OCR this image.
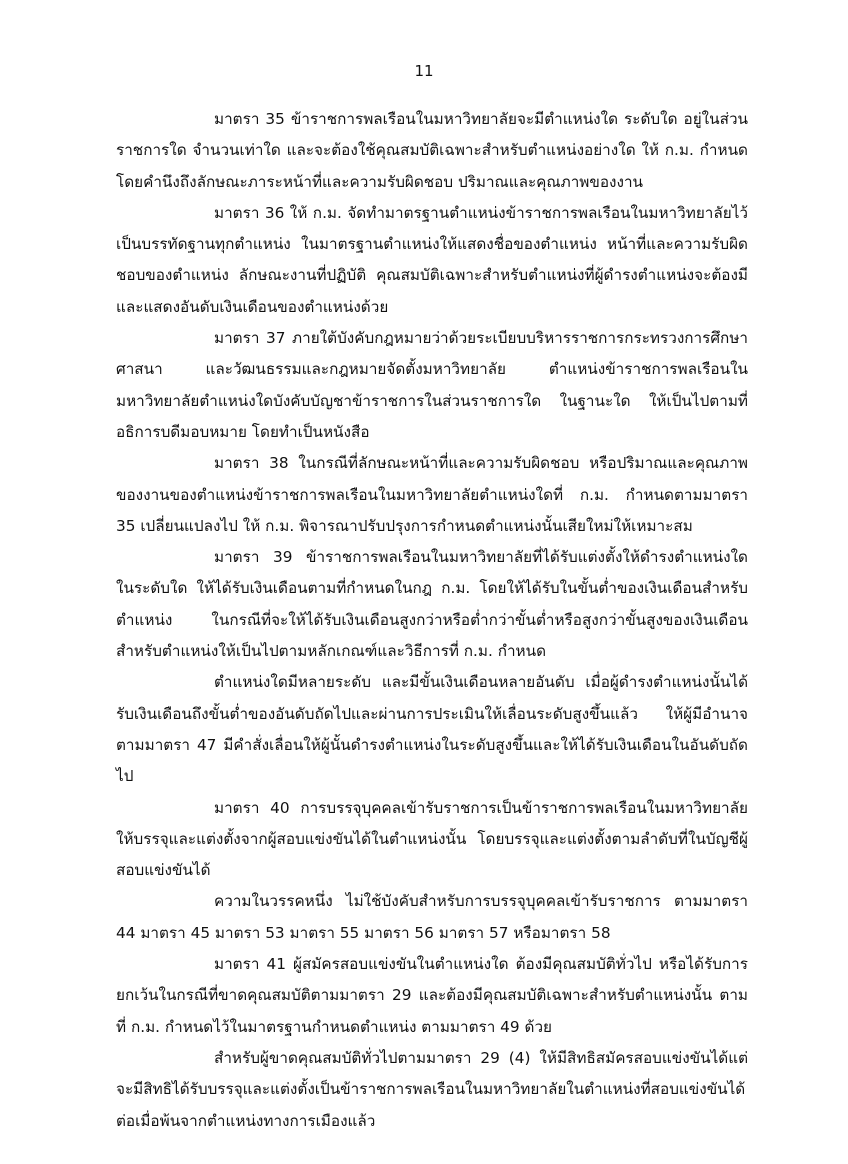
11

มาตรา 35 ข้าราชการพลเรือนในมหาวิทยาลัยจะมีตำแหน่งใด ระดับใด อยู่ในส่วนราชการใด จำนวนเท่าใด และจะต้องใช้คุณสมบัติเฉพาะสำหรับตำแหน่งอย่างใด ให้ ก.ม. กำหนด โดยคำนึงถึงลักษณะภาระหน้าที่และความรับผิดชอบ ปริมาณและคุณภาพของงาน

มาตรา 36 ให้ ก.ม. จัดทำมาตรฐานตำแหน่งข้าราชการพลเรือนในมหาวิทยาลัยไว้เป็นบรรทัดฐานทุกตำแหน่ง ในมาตรฐานตำแหน่งให้แสดงชื่อของตำแหน่ง หน้าที่และความรับผิดชอบของตำแหน่ง ลักษณะงานที่ปฏิบัติ คุณสมบัติเฉพาะสำหรับตำแหน่งที่ผู้ดำรงตำแหน่งจะต้องมี และแสดงอันดับเงินเดือนของตำแหน่งด้วย

มาตรา 37 ภายใต้บังคับกฎหมายว่าด้วยระเบียบบริหารราชการกระทรวงการศึกษา ศาสนา และวัฒนธรรมและกฎหมายจัดตั้งมหาวิทยาลัย ตำแหน่งข้าราชการพลเรือนในมหาวิทยาลัยตำแหน่งใดบังคับบัญชาข้าราชการในส่วนราชการใด ในฐานะใด ให้เป็นไปตามที่อธิการบดีมอบหมาย โดยทำเป็นหนังสือ

มาตรา 38 ในกรณีที่ลักษณะหน้าที่และความรับผิดชอบ หรือปริมาณและคุณภาพของงานของตำแหน่งข้าราชการพลเรือนในมหาวิทยาลัยตำแหน่งใดที่ ก.ม. กำหนดตามมาตรา 35 เปลี่ยนแปลงไป ให้ ก.ม. พิจารณาปรับปรุงการกำหนดตำแหน่งนั้นเสียใหม่ให้เหมาะสม

มาตรา 39 ข้าราชการพลเรือนในมหาวิทยาลัยที่ได้รับแต่งตั้งให้ดำรงตำแหน่งใด ในระดับใด ให้ได้รับเงินเดือนตามที่กำหนดในกฎ ก.ม. โดยให้ได้รับในขั้นต่ำของเงินเดือนสำหรับตำแหน่ง ในกรณีที่จะให้ได้รับเงินเดือนสูงกว่าหรือต่ำกว่าขั้นต่ำหรือสูงกว่าขั้นสูงของเงินเดือนสำหรับตำแหน่งให้เป็นไปตามหลักเกณฑ์และวิธีการที่ ก.ม. กำหนด

ตำแหน่งใดมีหลายระดับ และมีขั้นเงินเดือนหลายอันดับ เมื่อผู้ดำรงตำแหน่งนั้นได้รับเงินเดือนถึงขั้นต่ำของอันดับถัดไปและผ่านการประเมินให้เลื่อนระดับสูงขึ้นแล้ว ให้ผู้มีอำนาจตามมาตรา 47 มีคำสั่งเลื่อนให้ผู้นั้นดำรงตำแหน่งในระดับสูงขึ้นและให้ได้รับเงินเดือนในอันดับถัดไป

มาตรา 40 การบรรจุบุคคลเข้ารับราชการเป็นข้าราชการพลเรือนในมหาวิทยาลัยให้บรรจุและแต่งตั้งจากผู้สอบแข่งขันได้ในตำแหน่งนั้น โดยบรรจุและแต่งตั้งตามลำดับที่ในบัญชีผู้สอบแข่งขันได้

ความในวรรคหนึ่ง ไม่ใช้บังคับสำหรับการบรรจุบุคคลเข้ารับราชการ ตามมาตรา 44 มาตรา 45 มาตรา 53 มาตรา 55 มาตรา 56 มาตรา 57 หรือมาตรา 58

มาตรา 41 ผู้สมัครสอบแข่งขันในตำแหน่งใด ต้องมีคุณสมบัติทั่วไป หรือได้รับการยกเว้นในกรณีที่ขาดคุณสมบัติตามมาตรา 29 และต้องมีคุณสมบัติเฉพาะสำหรับตำแหน่งนั้น ตามที่ ก.ม. กำหนดไว้ในมาตรฐานกำหนดตำแหน่ง ตามมาตรา 49 ด้วย

สำหรับผู้ขาดคุณสมบัติทั่วไปตามมาตรา 29 (4) ให้มีสิทธิสมัครสอบแข่งขันได้แต่จะมีสิทธิได้รับบรรจุและแต่งตั้งเป็นข้าราชการพลเรือนในมหาวิทยาลัยในตำแหน่งที่สอบแข่งขันได้ ต่อเมื่อพ้นจากตำแหน่งทางการเมืองแล้ว
